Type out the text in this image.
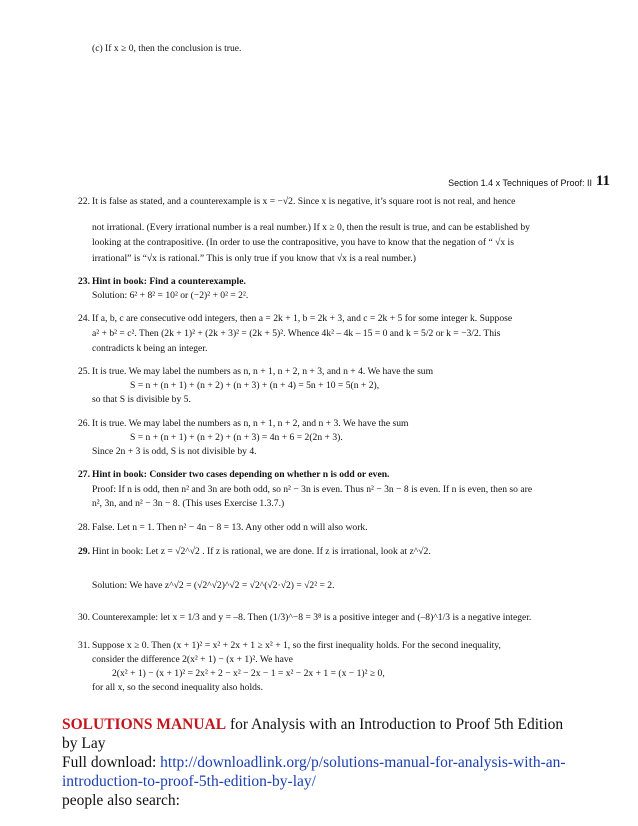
(c) If x ≥ 0, then the conclusion is true.
Section 1.4 x Techniques of Proof: II 11
22. It is false as stated, and a counterexample is x = −√2. Since x is negative, it’s square root is not real, and hence
not irrational. (Every irrational number is a real number.) If x ≥ 0, then the result is true, and can be established by
looking at the contrapositive. (In order to use the contrapositive, you have to know that the negation of “ √x is
irrational” is “√x is rational.” This is only true if you know that √x is a real number.)
23. Hint in book: Find a counterexample.
Solution: 6² + 8² = 10² or (−2)² + 0² = 2².
24. If a, b, c are consecutive odd integers, then a = 2k + 1, b = 2k + 3, and c = 2k + 5 for some integer k. Suppose
a² + b² = c². Then (2k + 1)² + (2k + 3)² = (2k + 5)². Whence 4k² – 4k – 15 = 0 and k = 5/2 or k = −3/2. This
contradicts k being an integer.
25. It is true. We may label the numbers as n, n + 1, n + 2, n + 3, and n + 4. We have the sum
S = n + (n + 1) + (n + 2) + (n + 3) + (n + 4) = 5n + 10 = 5(n + 2),
so that S is divisible by 5.
26. It is true. We may label the numbers as n, n + 1, n + 2, and n + 3. We have the sum
S = n + (n + 1) + (n + 2) + (n + 3) = 4n + 6 = 2(2n + 3).
Since 2n + 3 is odd, S is not divisible by 4.
27. Hint in book: Consider two cases depending on whether n is odd or even.
Proof: If n is odd, then n² and 3n are both odd, so n² − 3n is even. Thus n² − 3n − 8 is even. If n is even, then so are
n², 3n, and n² − 3n − 8. (This uses Exercise 1.3.7.)
28. False. Let n = 1. Then n² − 4n − 8 = 13. Any other odd n will also work.
29. Hint in book: Let z = √2^√2 . If z is rational, we are done. If z is irrational, look at z^√2.
Solution: We have z^√2 = (√2^√2)^√2 = √2^(√2·√2) = √2² = 2.
30. Counterexample: let x = 1/3 and y = –8. Then (1/3)^−8 = 3⁸ is a positive integer and (–8)^1/3 is a negative integer.
31. Suppose x ≥ 0. Then (x + 1)² = x² + 2x + 1 ≥ x² + 1, so the first inequality holds. For the second inequality,
consider the difference 2(x² + 1) − (x + 1)². We have
2(x² + 1) − (x + 1)² = 2x² + 2 − x² − 2x − 1 = x² − 2x + 1 = (x − 1)² ≥ 0,
for all x, so the second inequality also holds.
SOLUTIONS MANUAL for Analysis with an Introduction to Proof 5th Edition
by Lay
Full download: http://downloadlink.org/p/solutions-manual-for-analysis-with-an-
introduction-to-proof-5th-edition-by-lay/
people also search:
